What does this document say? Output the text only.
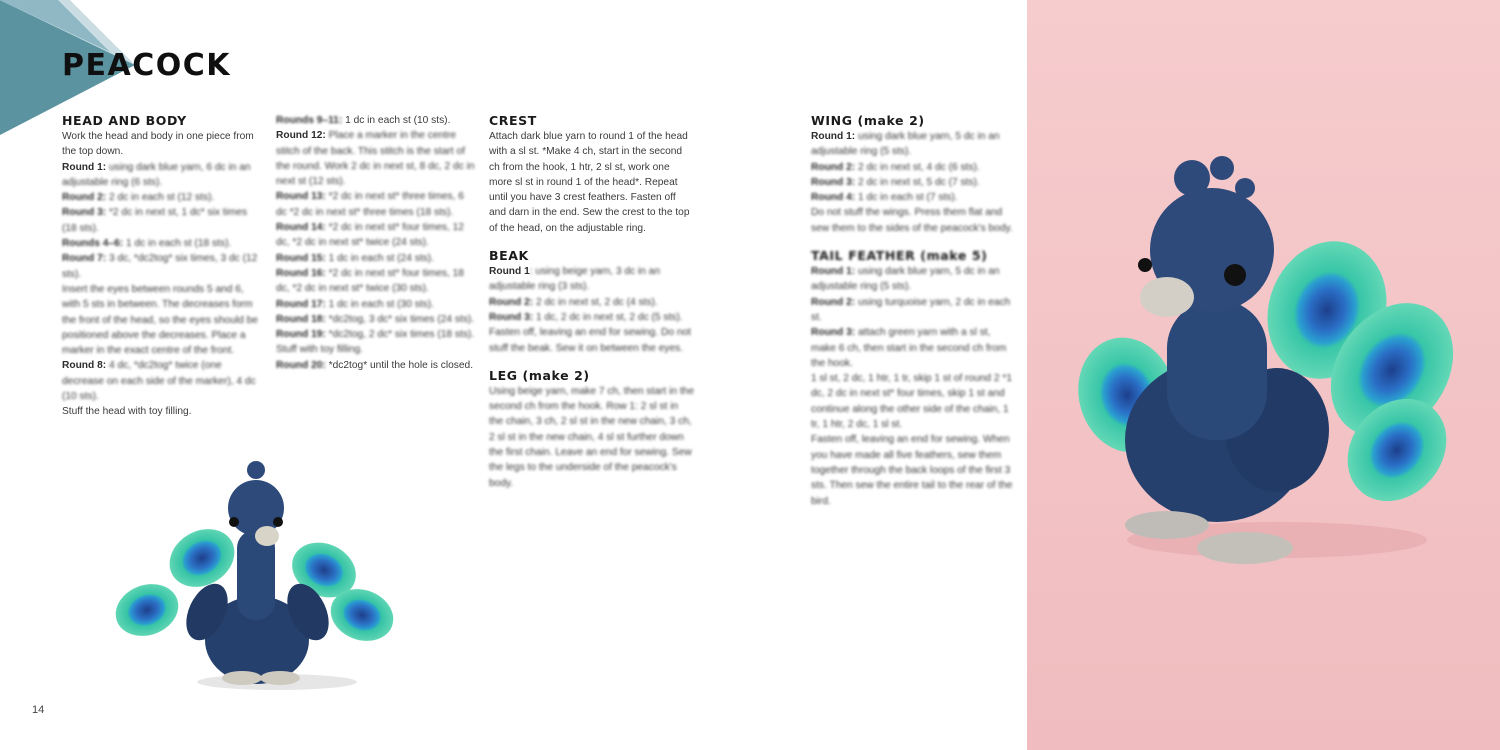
PEACOCK
HEAD AND BODY

Work the head and body in one piece from the top down.

Round 1: using dark blue yarn, 6 dc in an adjustable ring (6 sts).

Round 2: 2 dc in each st (12 sts).

Round 3: *2 dc in next st, 1 dc* six times (18 sts).

Rounds 4–6: 1 dc in each st (18 sts).

Round 7: 3 dc, *dc2tog* six times, 3 dc (12 sts).

Insert the eyes between rounds 5 and 6, with 5 sts in between. The decreases form the front of the head, so the eyes should be positioned above the decreases. Place a marker in the exact centre of the front.

Round 8: 4 dc, *dc2tog* twice (one decrease on each side of the marker), 4 dc (10 sts).

Stuff the head with toy filling.

Rounds 9–11: 1 dc in each st (10 sts).

Round 12: Place a marker in the centre stitch of the back. This stitch is the start of the round. Work 2 dc in next st, 8 dc, 2 dc in next st (12 sts).

Round 13: *2 dc in next st* three times, 6 dc *2 dc in next st* three times (18 sts).

Round 14: *2 dc in next st* four times, 12 dc, *2 dc in next st* twice (24 sts).

Round 15: 1 dc in each st (24 sts).

Round 16: *2 dc in next st* four times, 18 dc, *2 dc in next st* twice (30 sts).

Round 17: 1 dc in each st (30 sts).

Round 18: *dc2tog, 3 dc* six times (24 sts).

Round 19: *dc2tog, 2 dc* six times (18 sts).

Stuff with toy filling.

Round 20: *dc2tog* until the hole is closed.

CREST

Attach dark blue yarn to round 1 of the head with a sl st. *Make 4 ch, start in the second ch from the hook, 1 htr, 2 sl st, work one more sl st in round 1 of the head*. Repeat until you have 3 crest feathers. Fasten off and darn in the end. Sew the crest to the top of the head, on the adjustable ring.

BEAK

Round 1: using beige yarn, 3 dc in an adjustable ring (3 sts).

Round 2: 2 dc in next st, 2 dc (4 sts).

Round 3: 1 dc, 2 dc in next st, 2 dc (5 sts).

Fasten off, leaving an end for sewing. Do not stuff the beak. Sew it on between the eyes.

LEG (make 2)

Using beige yarn, make 7 ch, then start in the second ch from the hook. Row 1: 2 sl st in the chain, 3 ch, 2 sl st in the new chain, 3 ch, 2 sl st in the new chain, 4 sl st further down the first chain. Leave an end for sewing. Sew the legs to the underside of the peacock's body.

WING (make 2)

Round 1: using dark blue yarn, 5 dc in an adjustable ring (5 sts).

Round 2: 2 dc in next st, 4 dc (6 sts).

Round 3: 2 dc in next st, 5 dc (7 sts).

Round 4: 1 dc in each st (7 sts).

Do not stuff the wings. Press them flat and sew them to the sides of the peacock's body.

TAIL FEATHER (make 5)

Round 1: using dark blue yarn, 5 dc in an adjustable ring (5 sts).

Round 2: using turquoise yarn, 2 dc in each st.

Round 3: attach green yarn with a sl st, make 6 ch, then start in the second ch from the hook.

1 sl st, 2 dc, 1 htr, 1 tr, skip 1 st of round 2 *1 dc, 2 dc in next st* four times, skip 1 st and continue along the other side of the chain, 1 tr, 1 htr, 2 dc, 1 sl st.

Fasten off, leaving an end for sewing. When you have made all five feathers, sew them together through the back loops of the first 3 sts. Then sew the entire tail to the rear of the bird.

14
